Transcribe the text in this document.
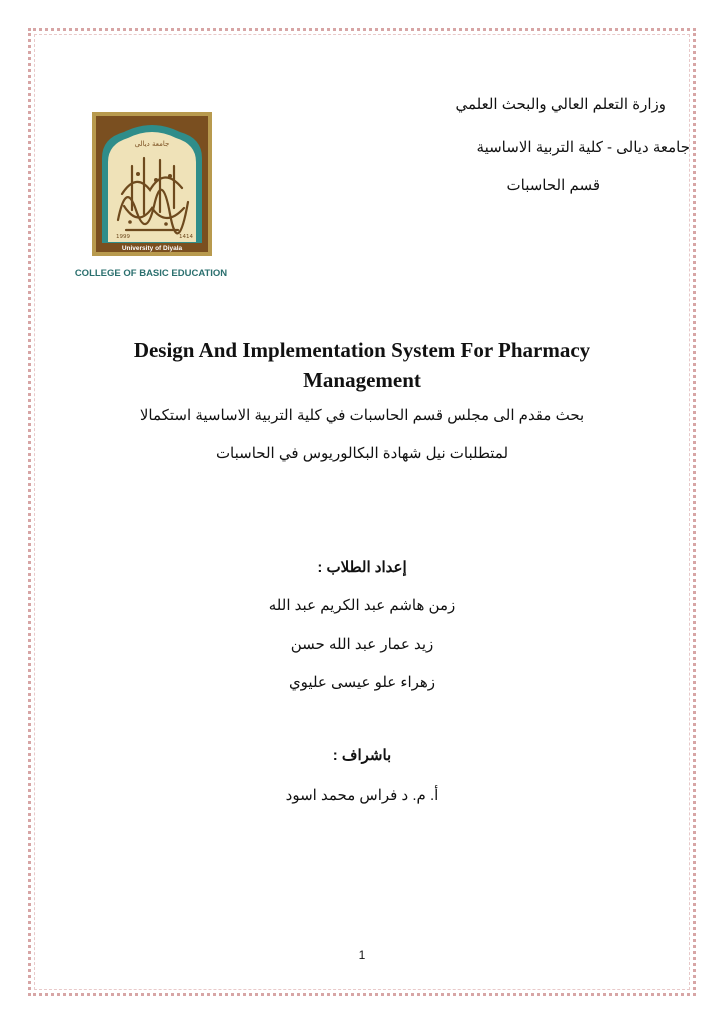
وزارة التعلم العالي والبحث العلمي
جامعة ديالى - كلية التربية الاساسية
قسم الحاسبات
جامعة ديالى
1999	1414
University of Diyala
COLLEGE OF BASIC EDUCATION
Design And Implementation System For Pharmacy Management
بحث مقدم الى مجلس قسم الحاسبات في كلية التربية الاساسية استكمالا
لمتطلبات نيل شهادة البكالوريوس في الحاسبات
إعداد الطلاب :
زمن هاشم عبد الكريم عبد الله
زيد عمار عبد الله حسن
زهراء علو عيسى عليوي
باشراف :
أ. م. د فراس محمد اسود
1
